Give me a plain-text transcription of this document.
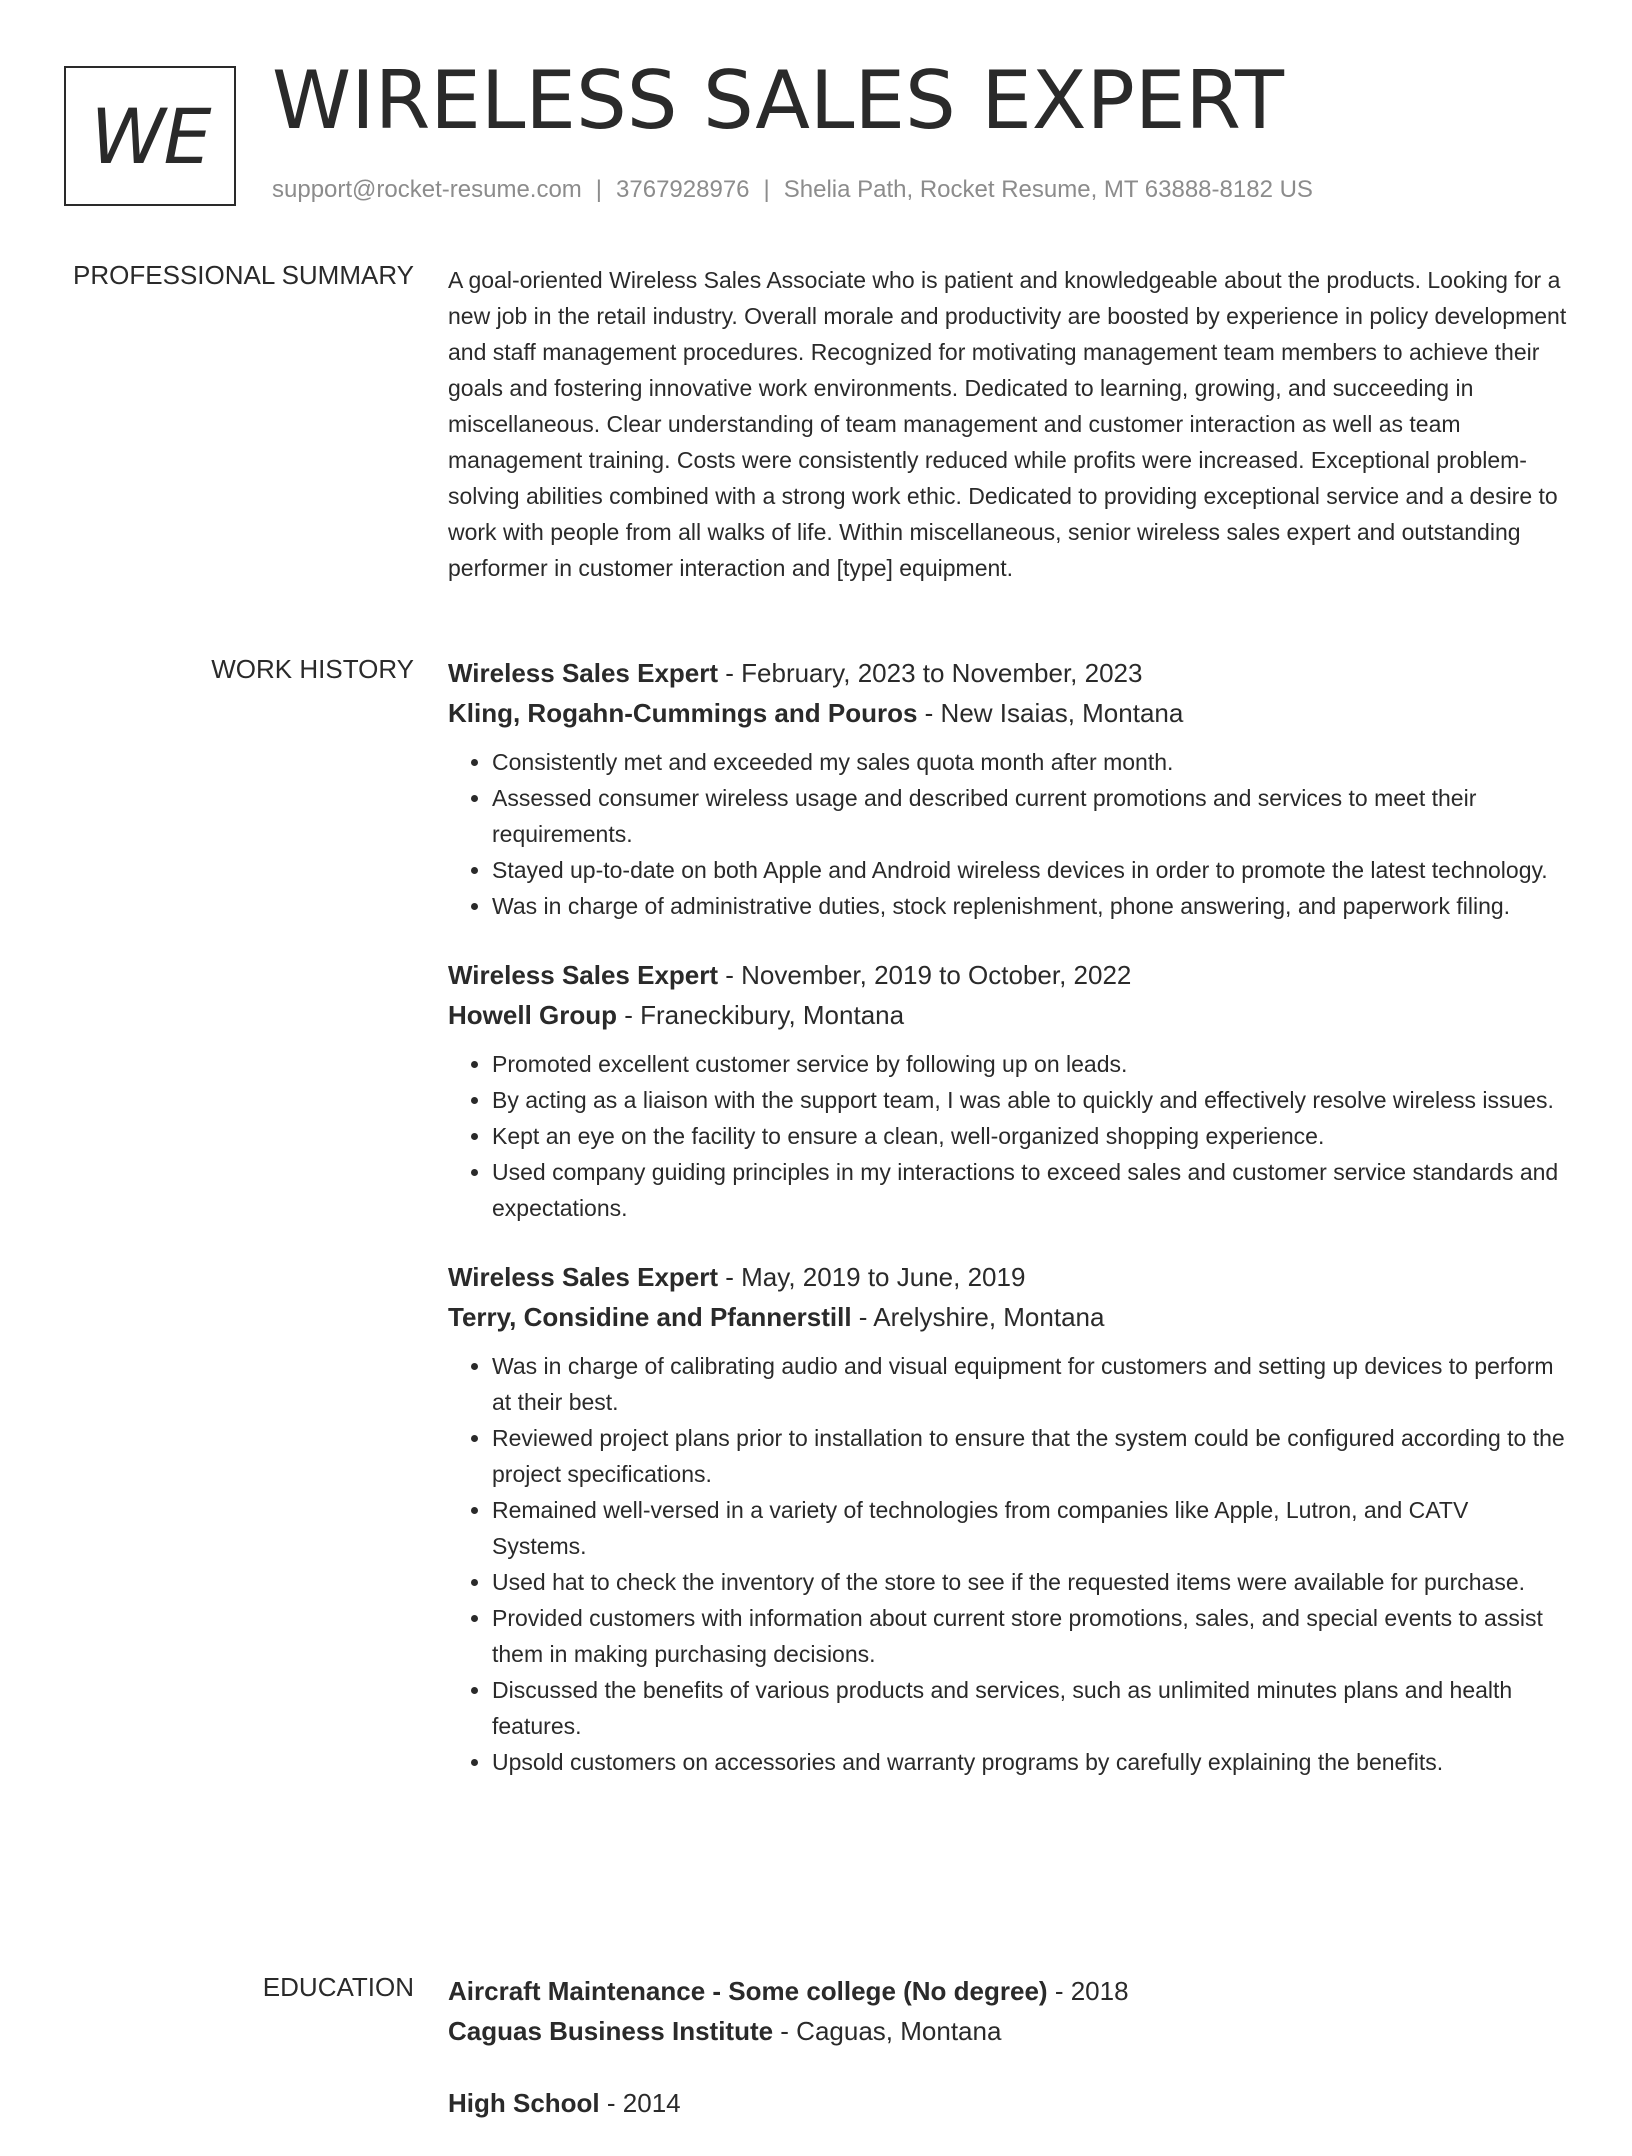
WE WIRELESS SALES EXPERT
support@rocket-resume.com | 3767928976 | Shelia Path, Rocket Resume, MT 63888-8182 US
PROFESSIONAL SUMMARY A goal-oriented Wireless Sales Associate who is patient and knowledgeable about the products. Looking for a new job in the retail industry. Overall morale and productivity are boosted by experience in policy development and staff management procedures. Recognized for motivating management team members to achieve their goals and fostering innovative work environments. Dedicated to learning, growing, and succeeding in miscellaneous. Clear understanding of team management and customer interaction as well as team management training. Costs were consistently reduced while profits were increased. Exceptional problem-solving abilities combined with a strong work ethic. Dedicated to providing exceptional service and a desire to work with people from all walks of life. Within miscellaneous, senior wireless sales expert and outstanding performer in customer interaction and [type] equipment.

WORK HISTORY Wireless Sales Expert - February, 2023 to November, 2023
Kling, Rogahn-Cummings and Pouros - New Isaias, Montana
• Consistently met and exceeded my sales quota month after month.
• Assessed consumer wireless usage and described current promotions and services to meet their requirements.
• Stayed up-to-date on both Apple and Android wireless devices in order to promote the latest technology.
• Was in charge of administrative duties, stock replenishment, phone answering, and paperwork filing.
Wireless Sales Expert - November, 2019 to October, 2022
Howell Group - Franeckibury, Montana
• Promoted excellent customer service by following up on leads.
• By acting as a liaison with the support team, I was able to quickly and effectively resolve wireless issues.
• Kept an eye on the facility to ensure a clean, well-organized shopping experience.
• Used company guiding principles in my interactions to exceed sales and customer service standards and expectations.
Wireless Sales Expert - May, 2019 to June, 2019
Terry, Considine and Pfannerstill - Arelyshire, Montana
• Was in charge of calibrating audio and visual equipment for customers and setting up devices to perform at their best.
• Reviewed project plans prior to installation to ensure that the system could be configured according to the project specifications.
• Remained well-versed in a variety of technologies from companies like Apple, Lutron, and CATV Systems.
• Used hat to check the inventory of the store to see if the requested items were available for purchase.
• Provided customers with information about current store promotions, sales, and special events to assist them in making purchasing decisions.
• Discussed the benefits of various products and services, such as unlimited minutes plans and health features.
• Upsold customers on accessories and warranty programs by carefully explaining the benefits.
EDUCATION Aircraft Maintenance - Some college (No degree) - 2018
Caguas Business Institute - Caguas, Montana
High School - 2014
